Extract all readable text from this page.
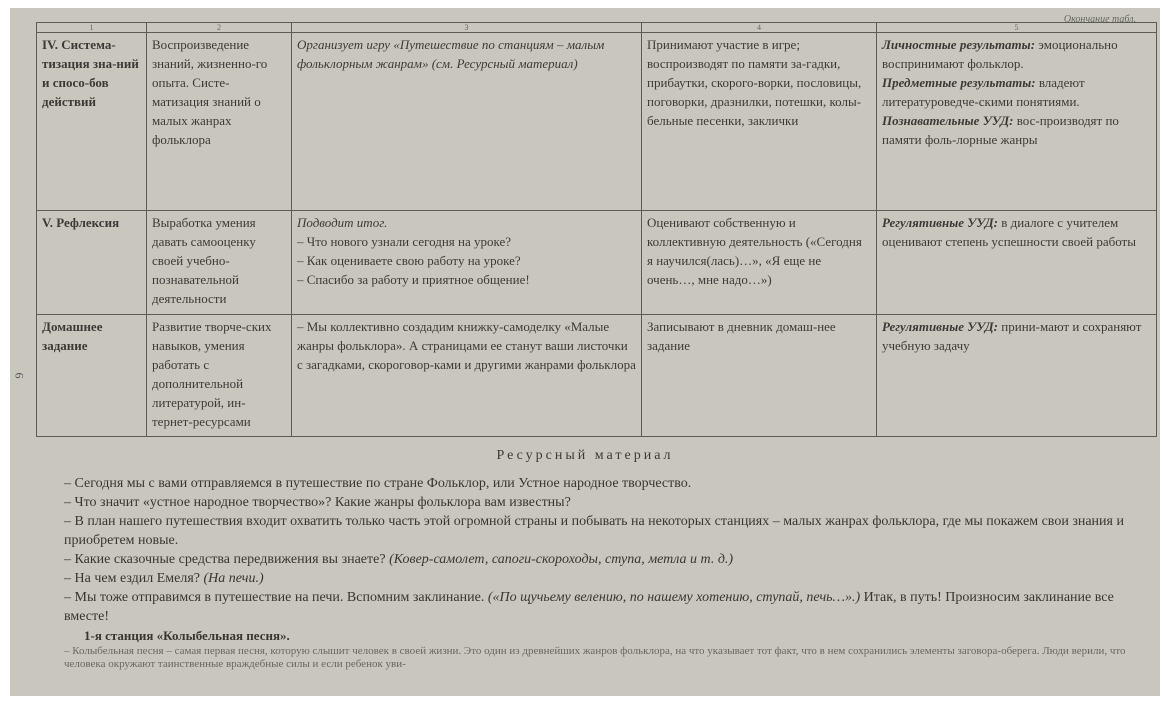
6
Окончание табл.
1	2	3	4	5
IV. Система-тизация зна-ний и спосо-бов действий	Воспроизведение знаний, жизненно-го опыта. Систе-матизация знаний о малых жанрах фольклора	Организует игру «Путешествие по станциям – малым фольклорным жанрам» (см. Ресурсный материал)	Принимают участие в игре; воспроизводят по памяти за-гадки, прибаутки, скорого-ворки, пословицы, поговорки, дразнилки, потешки, колы-бельные песенки, заклички	Личностные результаты: эмоционально воспринимают фольклор.
Предметные результаты: владеют литературоведче-скими понятиями.
Познавательные УУД: вос-производят по памяти фоль-лорные жанры

V. Рефлексия	Выработка умения давать самооценку своей учебно-познавательной деятельности	Подводит итог.
– Что нового узнали сегодня на уроке?
– Как оцениваете свою работу на уроке?
– Спасибо за работу и приятное общение!	Оценивают собственную и коллективную деятельность («Сегодня я научился(лась)…», «Я еще не очень…, мне надо…»)	Регулятивные УУД: в диалоге с учителем оценивают степень успешности своей работы
Домашнее задание	Развитие творче-ских навыков, умения работать с дополнительной литературой, ин-тернет-ресурсами	– Мы коллективно создадим книжку-самоделку «Малые жанры фольклора». А страницами ее станут ваши листочки с загадками, скороговор-ками и другими жанрами фольклора	Записывают в дневник домаш-нее задание	Регулятивные УУД: прини-мают и сохраняют учебную задачу
Ресурсный материал

– Сегодня мы с вами отправляемся в путешествие по стране Фольклор, или Устное народное творчество.

– Что значит «устное народное творчество»? Какие жанры фольклора вам известны?

– В план нашего путешествия входит охватить только часть этой огромной страны и побывать на некоторых станциях – малых жанрах фольклора, где мы покажем свои знания и приобретем новые.

– Какие сказочные средства передвижения вы знаете? (Ковер-самолет, сапоги-скороходы, ступа, метла и т. д.)

– На чем ездил Емеля? (На печи.)

– Мы тоже отправимся в путешествие на печи. Вспомним заклинание. («По щучьему велению, по нашему хотению, ступай, печь…».) Итак, в путь! Произносим заклинание все вместе!

1-я станция «Колыбельная песня».

– Колыбельная песня – самая первая песня, которую слышит человек в своей жизни. Это один из древнейших жанров фольклора, на что указывает тот факт, что в нем сохранились элементы заговора-оберега. Люди верили, что человека окружают таинственные враждебные силы и если ребенок уви-
